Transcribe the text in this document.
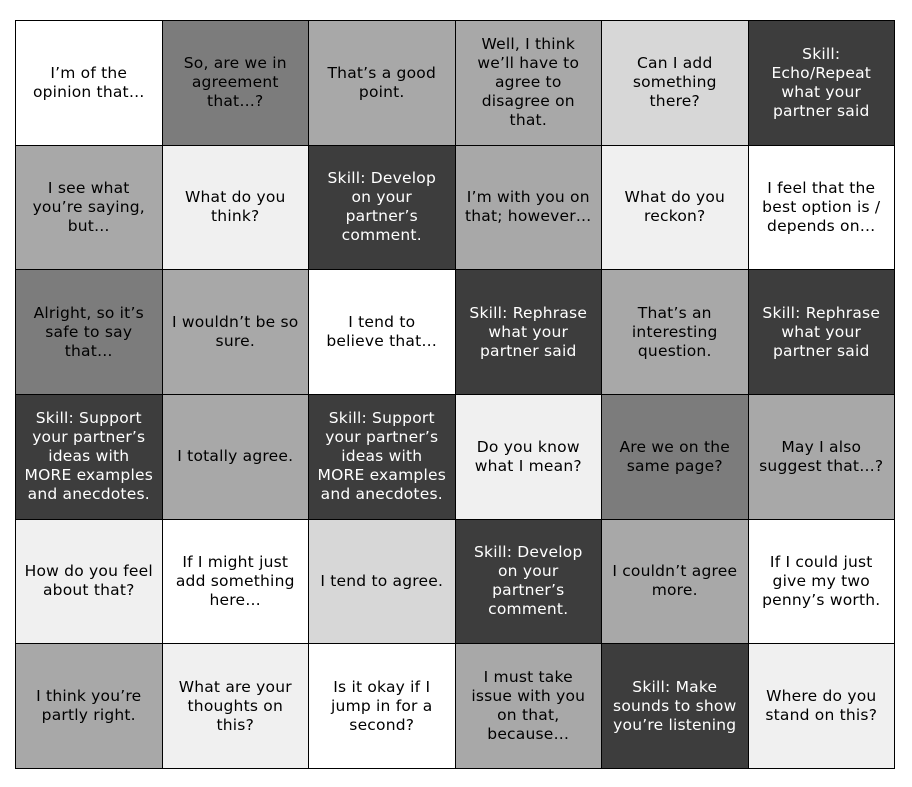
I’m of the opinion that…
So, are we in agreement that…?
That’s a good point.
Well, I think we’ll have to agree to disagree on that.
Can I add something there?
Skill: Echo/Repeat what your partner said
I see what you’re saying, but…
What do you think?
Skill: Develop on your partner’s comment.
I’m with you on that; however…
What do you reckon?
I feel that the best option is / depends on…
Alright, so it’s safe to say that…
I wouldn’t be so sure.
I tend to believe that…
Skill: Rephrase what your partner said
That’s an interesting question.
Skill: Rephrase what your partner said
Skill: Support your partner’s ideas with MORE examples and anecdotes.
I totally agree.
Skill: Support your partner’s ideas with MORE examples and anecdotes.
Do you know what I mean?
Are we on the same page?
May I also suggest that…?
How do you feel about that?
If I might just add something here…
I tend to agree.
Skill: Develop on your partner’s comment.
I couldn’t agree more.
If I could just give my two penny’s worth.
I think you’re partly right.
What are your thoughts on this?
Is it okay if I jump in for a second?
I must take issue with you on that, because…
Skill: Make sounds to show you’re listening
Where do you stand on this?
